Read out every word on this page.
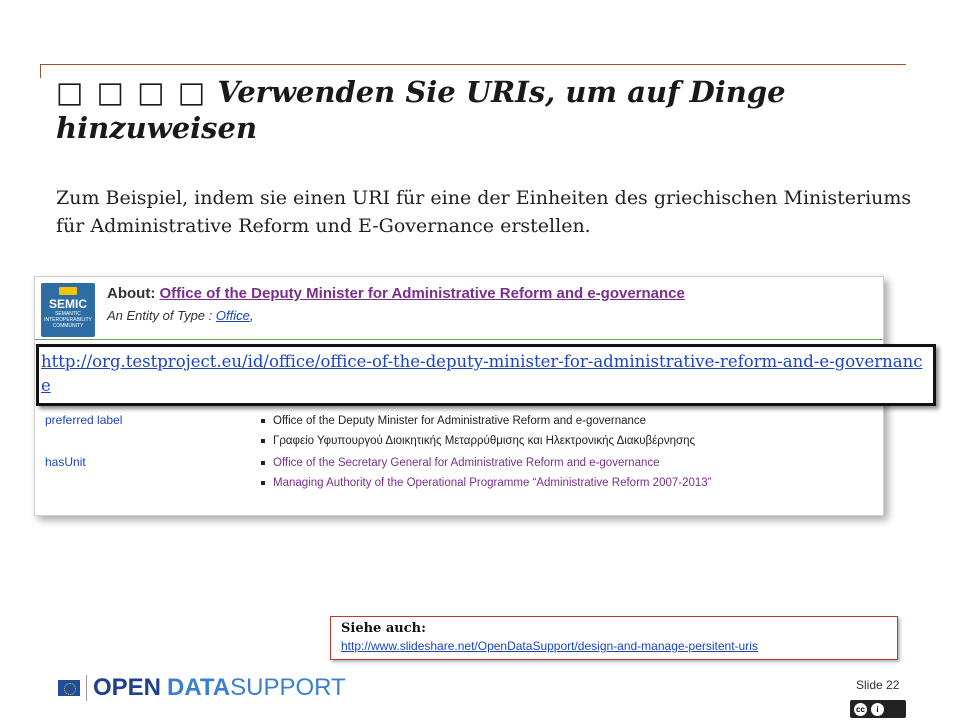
□ □ □ □ Verwenden Sie URIs, um auf Dinge hinzuweisen

Zum Beispiel, indem sie einen URI für eine der Einheiten des griechischen Ministeriums für Administrative Reform und E-Governance erstellen.

SEMIC
SEMANTIC INTEROPERABILITY COMMUNITY
About: Office of the Deputy Minister for Administrative Reform and e-governance
An Entity of Type : Office,
preferred label	Office of the Deputy Minister for Administrative Reform and e-governance
Γραφείο Υφυπουργού Διοικητικής Μεταρρύθμισης και Ηλεκτρονικής Διακυβέρνησης
hasUnit	Office of the Secretary General for Administrative Reform and e-governance
Managing Authority of the Operational Programme “Administrative Reform 2007-2013”
http://org.testproject.eu/id/office/office-of-the-deputy-minister-for-administrative-reform-and-e-governance
Siehe auch:
http://www.slideshare.net/OpenDataSupport/design-and-manage-persitent-uris
OPEN DATA SUPPORT	Slide 22
cc	i
